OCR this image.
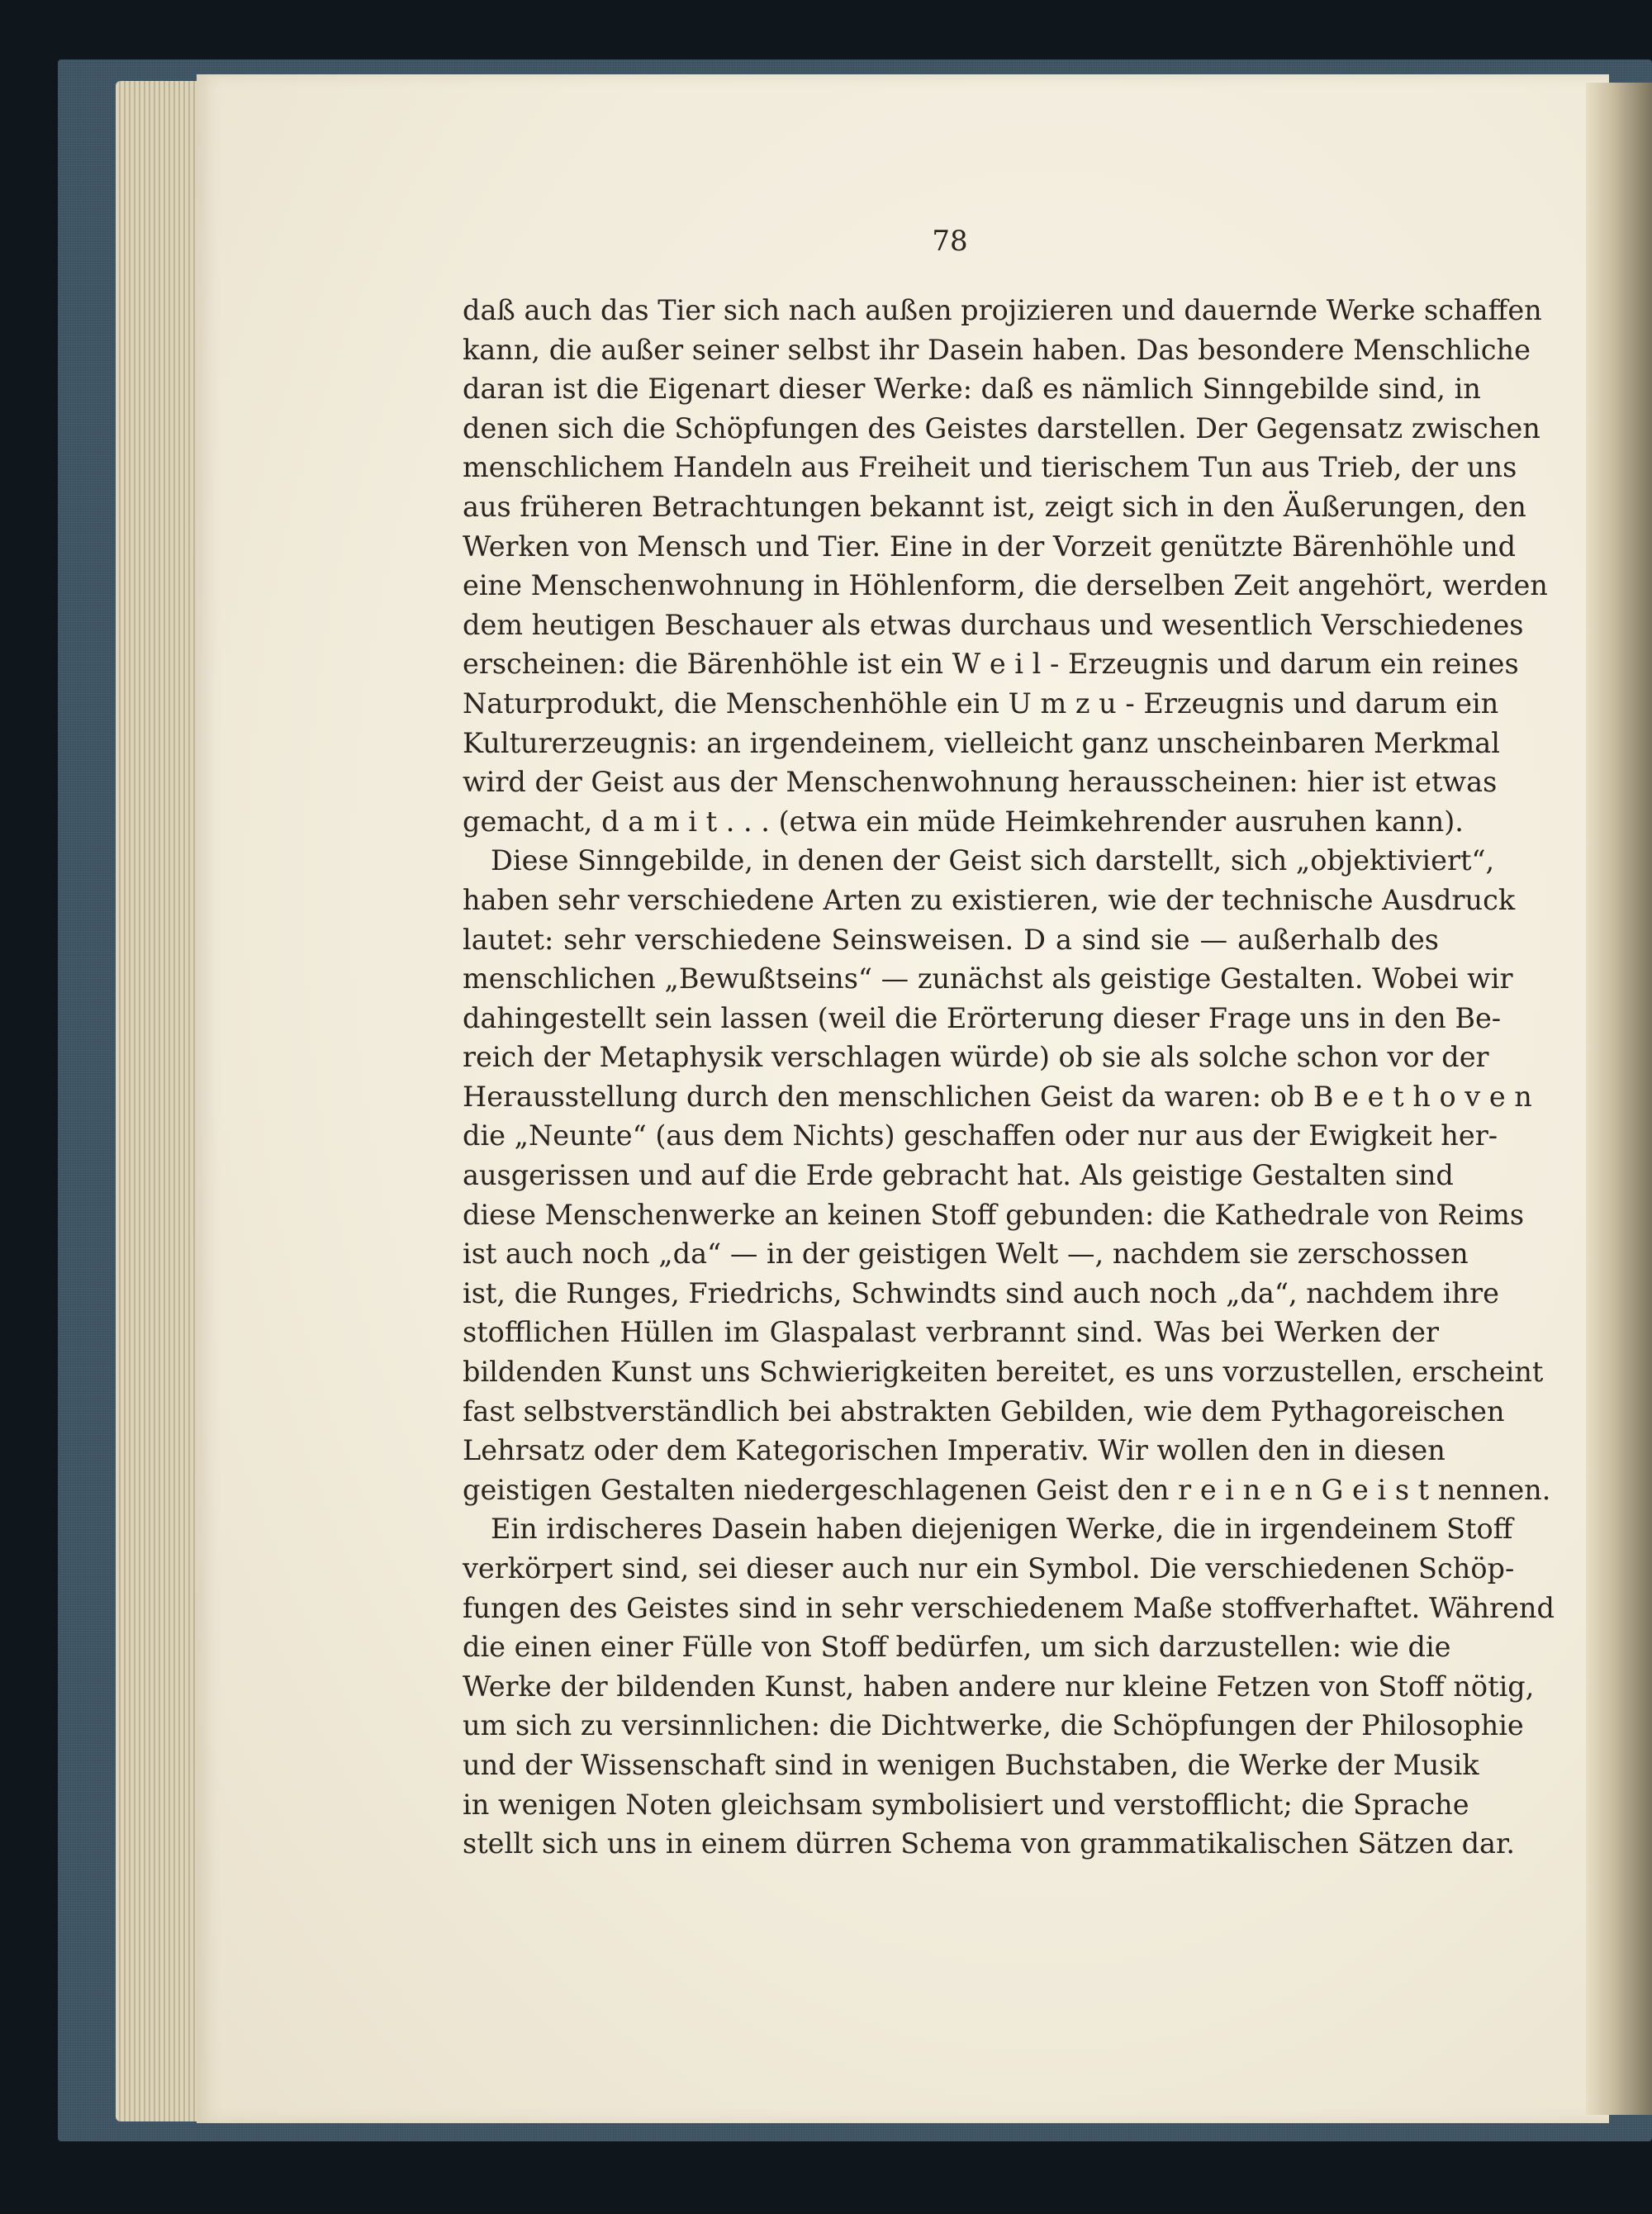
78
daß auch das Tier sich nach außen projizieren und dauernde Werke schaffen
kann, die außer seiner selbst ihr Dasein haben. Das besondere Menschliche
daran ist die Eigenart dieser Werke: daß es nämlich Sinngebilde sind, in
denen sich die Schöpfungen des Geistes darstellen. Der Gegensatz zwischen
menschlichem Handeln aus Freiheit und tierischem Tun aus Trieb, der uns
aus früheren Betrachtungen bekannt ist, zeigt sich in den Äußerungen, den
Werken von Mensch und Tier. Eine in der Vorzeit genützte Bärenhöhle und
eine Menschenwohnung in Höhlenform, die derselben Zeit angehört, werden
dem heutigen Beschauer als etwas durchaus und wesentlich Verschiedenes
erscheinen: die Bärenhöhle ist ein W e i l - Erzeugnis und darum ein reines
Naturprodukt, die Menschenhöhle ein U m z u - Erzeugnis und darum ein
Kulturerzeugnis: an irgendeinem, vielleicht ganz unscheinbaren Merkmal
wird der Geist aus der Menschenwohnung herausscheinen: hier ist etwas
gemacht, d a m i t . . . (etwa ein müde Heimkehrender ausruhen kann).
Diese Sinngebilde, in denen der Geist sich darstellt, sich „objektiviert“,
haben sehr verschiedene Arten zu existieren, wie der technische Ausdruck
lautet: sehr verschiedene Seinsweisen. D a sind sie — außerhalb des
menschlichen „Bewußtseins“ — zunächst als geistige Gestalten. Wobei wir
dahingestellt sein lassen (weil die Erörterung dieser Frage uns in den Be-
reich der Metaphysik verschlagen würde) ob sie als solche schon vor der
Herausstellung durch den menschlichen Geist da waren: ob B e e t h o v e n
die „Neunte“ (aus dem Nichts) geschaffen oder nur aus der Ewigkeit her-
ausgerissen und auf die Erde gebracht hat. Als geistige Gestalten sind
diese Menschenwerke an keinen Stoff gebunden: die Kathedrale von Reims
ist auch noch „da“ — in der geistigen Welt —, nachdem sie zerschossen
ist, die Runges, Friedrichs, Schwindts sind auch noch „da“, nachdem ihre
stofflichen Hüllen im Glaspalast verbrannt sind. Was bei Werken der
bildenden Kunst uns Schwierigkeiten bereitet, es uns vorzustellen, erscheint
fast selbstverständlich bei abstrakten Gebilden, wie dem Pythagoreischen
Lehrsatz oder dem Kategorischen Imperativ. Wir wollen den in diesen
geistigen Gestalten niedergeschlagenen Geist den r e i n e n G e i s t nennen.
Ein irdischeres Dasein haben diejenigen Werke, die in irgendeinem Stoff
verkörpert sind, sei dieser auch nur ein Symbol. Die verschiedenen Schöp-
fungen des Geistes sind in sehr verschiedenem Maße stoffverhaftet. Während
die einen einer Fülle von Stoff bedürfen, um sich darzustellen: wie die
Werke der bildenden Kunst, haben andere nur kleine Fetzen von Stoff nötig,
um sich zu versinnlichen: die Dichtwerke, die Schöpfungen der Philosophie
und der Wissenschaft sind in wenigen Buchstaben, die Werke der Musik
in wenigen Noten gleichsam symbolisiert und verstofflicht; die Sprache
stellt sich uns in einem dürren Schema von grammatikalischen Sätzen dar.
